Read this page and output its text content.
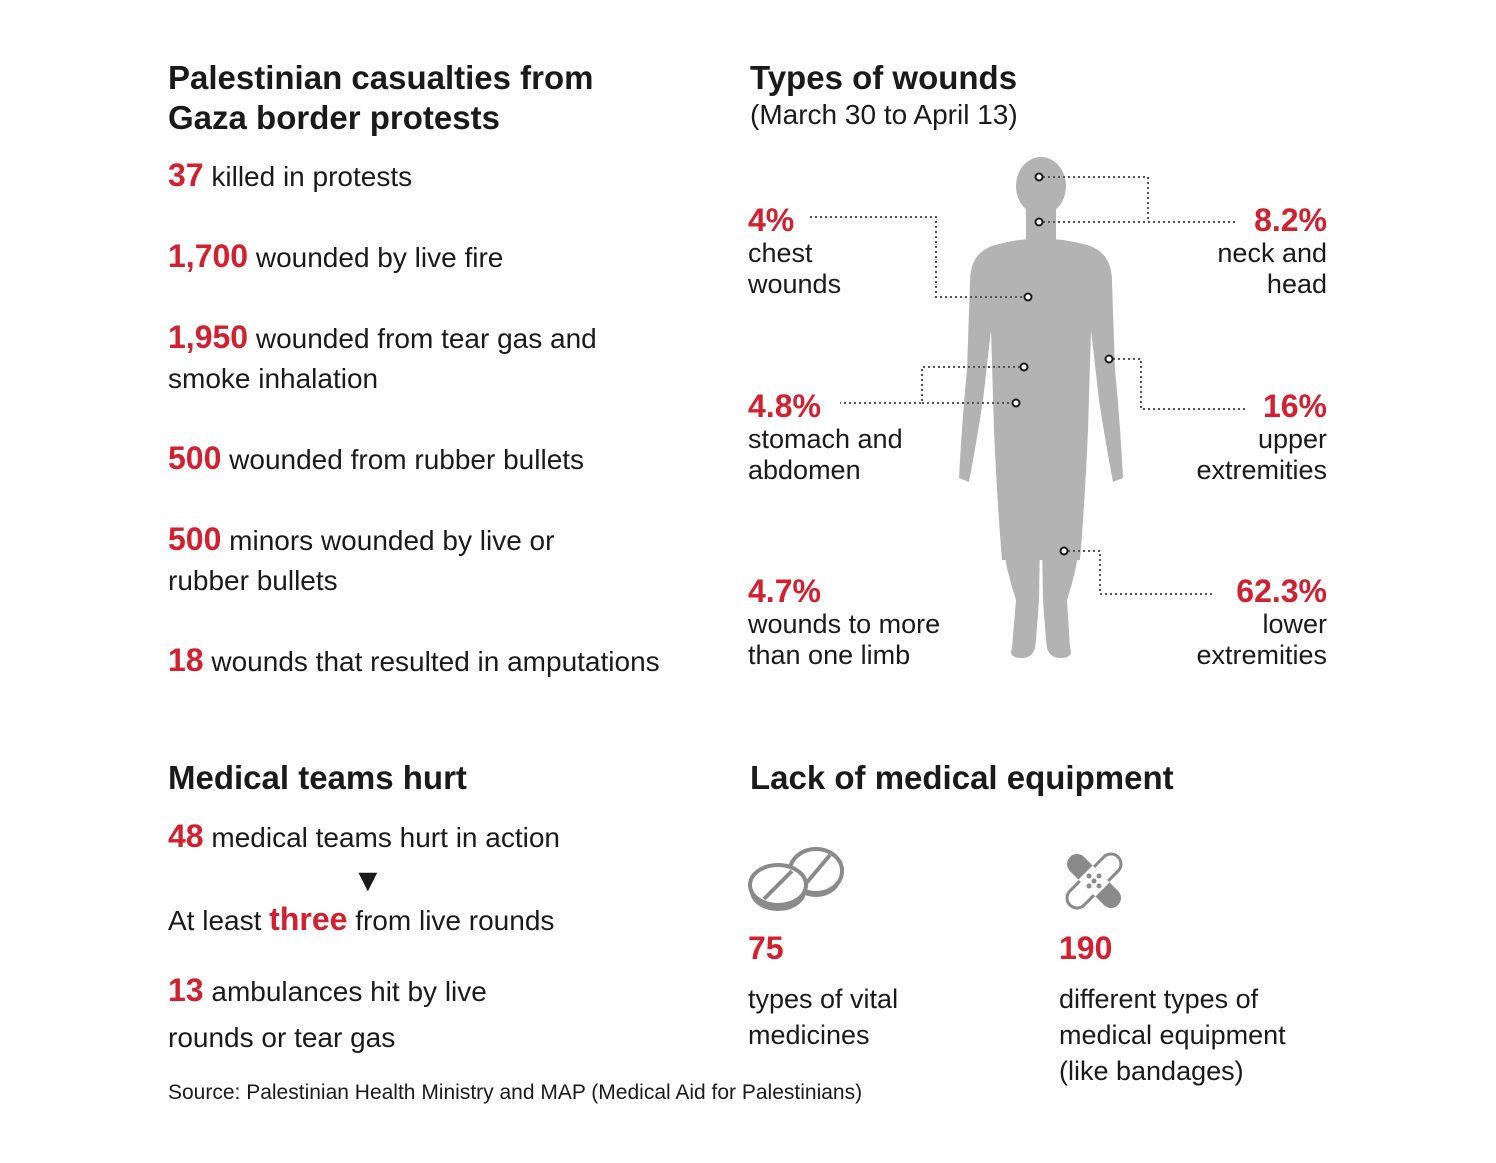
Palestinian casualties from
Gaza border protests
37 killed in protests
1,700 wounded by live fire
1,950 wounded from tear gas and smoke inhalation
500 wounded from rubber bullets
500 minors wounded by live or rubber bullets
18 wounds that resulted in amputations
Types of wounds
(March 30 to April 13)
4%
chest
wounds
8.2%
neck and
head
4.8%
stomach and
abdomen
16%
upper
extremities
4.7%
wounds to more
than one limb
62.3%
lower
extremities
Medical teams hurt
48 medical teams hurt in action
▼
At least three from live rounds
13 ambulances hit by live
rounds or tear gas
Source: Palestinian Health Ministry and MAP (Medical Aid for Palestinians)
Lack of medical equipment
75
types of vital
medicines
190
different types of
medical equipment
(like bandages)
